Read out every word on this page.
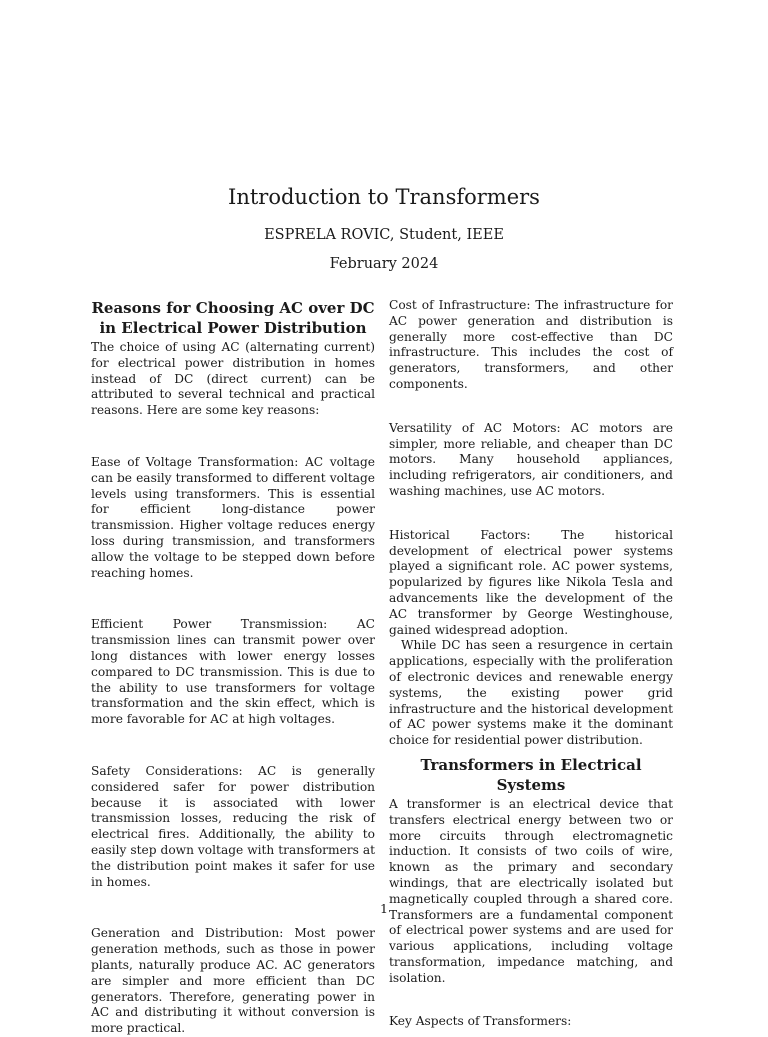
Introduction to Transformers
ESPRELA ROVIC, Student, IEEE
February 2024
Reasons for Choosing AC over DC in Electrical Power Distribution

The choice of using AC (alternating current) for electrical power distribution in homes instead of DC (direct current) can be attributed to several technical and practical reasons. Here are some key reasons:

Ease of Voltage Transformation: AC voltage can be easily transformed to different voltage levels using transformers. This is essential for efficient long-distance power transmission. Higher voltage reduces energy loss during transmission, and transformers allow the voltage to be stepped down before reaching homes.

Efficient Power Transmission: AC transmission lines can transmit power over long distances with lower energy losses compared to DC transmission. This is due to the ability to use transformers for voltage transformation and the skin effect, which is more favorable for AC at high voltages.

Safety Considerations: AC is generally considered safer for power distribution because it is associated with lower transmission losses, reducing the risk of electrical fires. Additionally, the ability to easily step down voltage with transformers at the distribution point makes it safer for use in homes.

Generation and Distribution: Most power generation methods, such as those in power plants, naturally produce AC. AC generators are simpler and more efficient than DC generators. Therefore, generating power in AC and distributing it without conversion is more practical.

Cost of Infrastructure: The infrastructure for AC power generation and distribution is generally more cost-effective than DC infrastructure. This includes the cost of generators, transformers, and other components.

Versatility of AC Motors: AC motors are simpler, more reliable, and cheaper than DC motors. Many household appliances, including refrigerators, air conditioners, and washing machines, use AC motors.

Historical Factors: The historical development of electrical power systems played a significant role. AC power systems, popularized by figures like Nikola Tesla and advancements like the development of the AC transformer by George Westinghouse, gained widespread adoption.

While DC has seen a resurgence in certain applications, especially with the proliferation of electronic devices and renewable energy systems, the existing power grid infrastructure and the historical development of AC power systems make it the dominant choice for residential power distribution.

Transformers in Electrical Systems

A transformer is an electrical device that transfers electrical energy between two or more circuits through electromagnetic induction. It consists of two coils of wire, known as the primary and secondary windings, that are electrically isolated but magnetically coupled through a shared core. Transformers are a fundamental component of electrical power systems and are used for various applications, including voltage transformation, impedance matching, and isolation.

Key Aspects of Transformers:

1
